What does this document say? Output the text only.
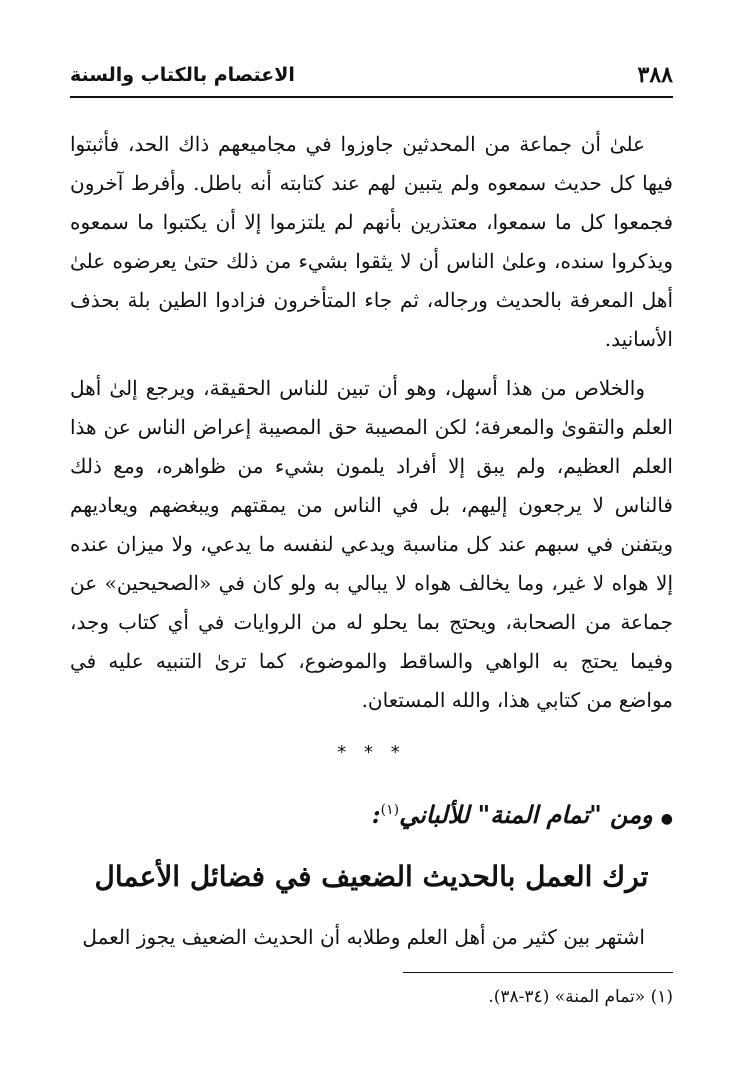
٣٨٨
الاعتصام بالكتاب والسنة

علىٰ أن جماعة من المحدثين جاوزوا في مجاميعهم ذاك الحد، فأثبتوا فيها كل حديث سمعوه ولم يتبين لهم عند كتابته أنه باطل. وأفرط آخرون فجمعوا كل ما سمعوا، معتذرين بأنهم لم يلتزموا إلا أن يكتبوا ما سمعوه ويذكروا سنده، وعلىٰ الناس أن لا يثقوا بشيء من ذلك حتىٰ يعرضوه علىٰ أهل المعرفة بالحديث ورجاله، ثم جاء المتأخرون فزادوا الطين بلة بحذف الأسانيد.

والخلاص من هذا أسهل، وهو أن تبين للناس الحقيقة، ويرجع إلىٰ أهل العلم والتقوىٰ والمعرفة؛ لكن المصيبة حق المصيبة إعراض الناس عن هذا العلم العظيم، ولم يبق إلا أفراد يلمون بشيء من ظواهره، ومع ذلك فالناس لا يرجعون إليهم، بل في الناس من يمقتهم ويبغضهم ويعاديهم ويتفنن في سبهم عند كل مناسبة ويدعي لنفسه ما يدعي، ولا ميزان عنده إلا هواه لا غير، وما يخالف هواه لا يبالي به ولو كان في «الصحيحين» عن جماعة من الصحابة، ويحتج بما يحلو له من الروايات في أي كتاب وجد، وفيما يحتج به الواهي والساقط والموضوع، كما ترىٰ التنبيه عليه في مواضع من كتابي هذا، والله المستعان.

* * *
●ومن "تمام المنة" للألباني$^{(١)}$:
ترك العمل بالحديث الضعيف في فضائل الأعمال
اشتهر بين كثير من أهل العلم وطلابه أن الحديث الضعيف يجوز العمل
(١) «تمام المنة» (٣٤-٣٨).
